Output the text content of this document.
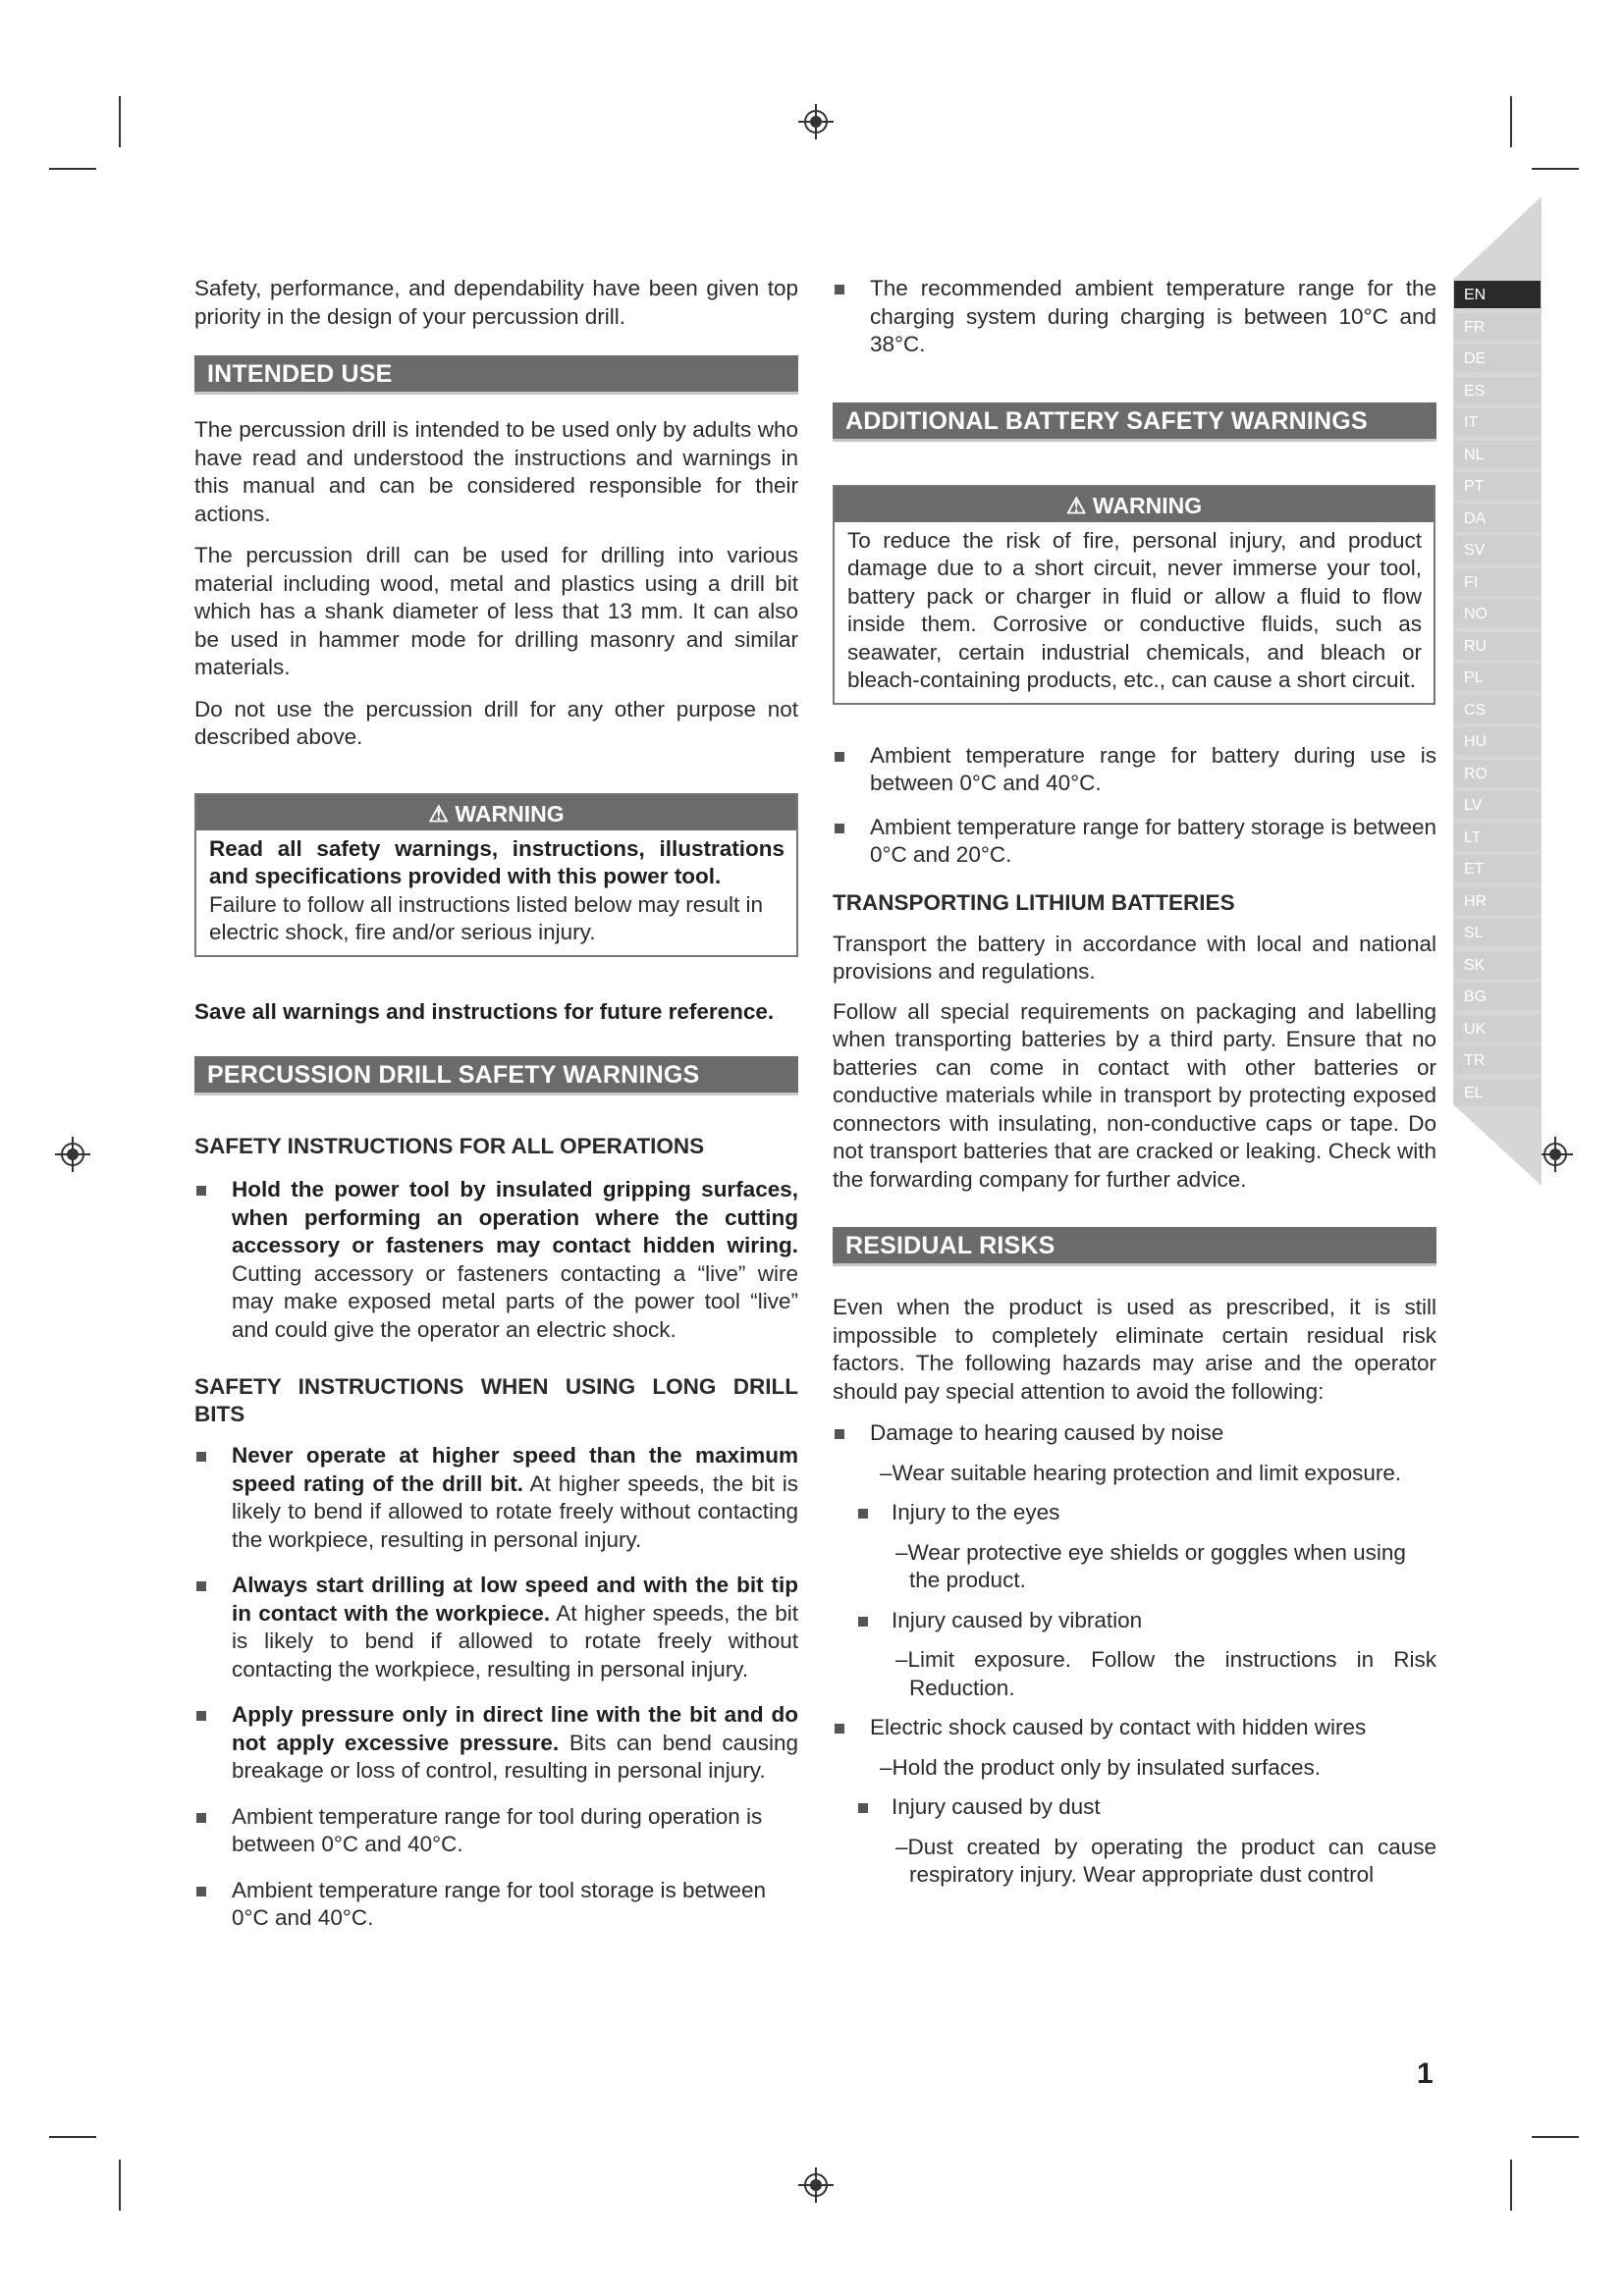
EN
FR
DE
ES
IT
NL
PT
DA
SV
FI
NO
RU
PL
CS
HU
RO
LV
LT
ET
HR
SL
SK
BG
UK
TR
EL

Safety, performance, and dependability have been given top priority in the design of your percussion drill.

INTENDED USE

The percussion drill is intended to be used only by adults who have read and understood the instructions and warnings in this manual and can be considered responsible for their actions.

The percussion drill can be used for drilling into various material including wood, metal and plastics using a drill bit which has a shank diameter of less that 13 mm. It can also be used in hammer mode for drilling masonry and similar materials.

Do not use the percussion drill for any other purpose not described above.

⚠ WARNING

Read all safety warnings, instructions, illustrations and specifications provided with this power tool.

Failure to follow all instructions listed below may result in electric shock, fire and/or serious injury.

Save all warnings and instructions for future reference.

PERCUSSION DRILL SAFETY WARNINGS

SAFETY INSTRUCTIONS FOR ALL OPERATIONS

Hold the power tool by insulated gripping surfaces, when performing an operation where the cutting accessory or fasteners may contact hidden wiring. Cutting accessory or fasteners contacting a “live” wire may make exposed metal parts of the power tool “live” and could give the operator an electric shock.

SAFETY INSTRUCTIONS WHEN USING LONG DRILL BITS

Never operate at higher speed than the maximum speed rating of the drill bit. At higher speeds, the bit is likely to bend if allowed to rotate freely without contacting the workpiece, resulting in personal injury.

Always start drilling at low speed and with the bit tip in contact with the workpiece. At higher speeds, the bit is likely to bend if allowed to rotate freely without contacting the workpiece, resulting in personal injury.

Apply pressure only in direct line with the bit and do not apply excessive pressure. Bits can bend causing breakage or loss of control, resulting in personal injury.

Ambient temperature range for tool during operation is between 0°C and 40°C.

Ambient temperature range for tool storage is between 0°C and 40°C.

The recommended ambient temperature range for the charging system during charging is between 10°C and 38°C.

ADDITIONAL BATTERY SAFETY WARNINGS
⚠ WARNING

To reduce the risk of fire, personal injury, and product damage due to a short circuit, never immerse your tool, battery pack or charger in fluid or allow a fluid to flow inside them. Corrosive or conductive fluids, such as seawater, certain industrial chemicals, and bleach or bleach-containing products, etc., can cause a short circuit.

Ambient temperature range for battery during use is between 0°C and 40°C.

Ambient temperature range for battery storage is between 0°C and 20°C.

TRANSPORTING LITHIUM BATTERIES

Transport the battery in accordance with local and national provisions and regulations.

Follow all special requirements on packaging and labelling when transporting batteries by a third party. Ensure that no batteries can come in contact with other batteries or conductive materials while in transport by protecting exposed connectors with insulating, non-conductive caps or tape. Do not transport batteries that are cracked or leaking. Check with the forwarding company for further advice.

RESIDUAL RISKS

Even when the product is used as prescribed, it is still impossible to completely eliminate certain residual risk factors. The following hazards may arise and the operator should pay special attention to avoid the following:

Damage to hearing caused by noise

–Wear suitable hearing protection and limit exposure.

Injury to the eyes

–Wear protective eye shields or goggles when using the product.

Injury caused by vibration

–Limit exposure. Follow the instructions in Risk Reduction.

Electric shock caused by contact with hidden wires

–Hold the product only by insulated surfaces.

Injury caused by dust

–Dust created by operating the product can cause respiratory injury. Wear appropriate dust control

1
